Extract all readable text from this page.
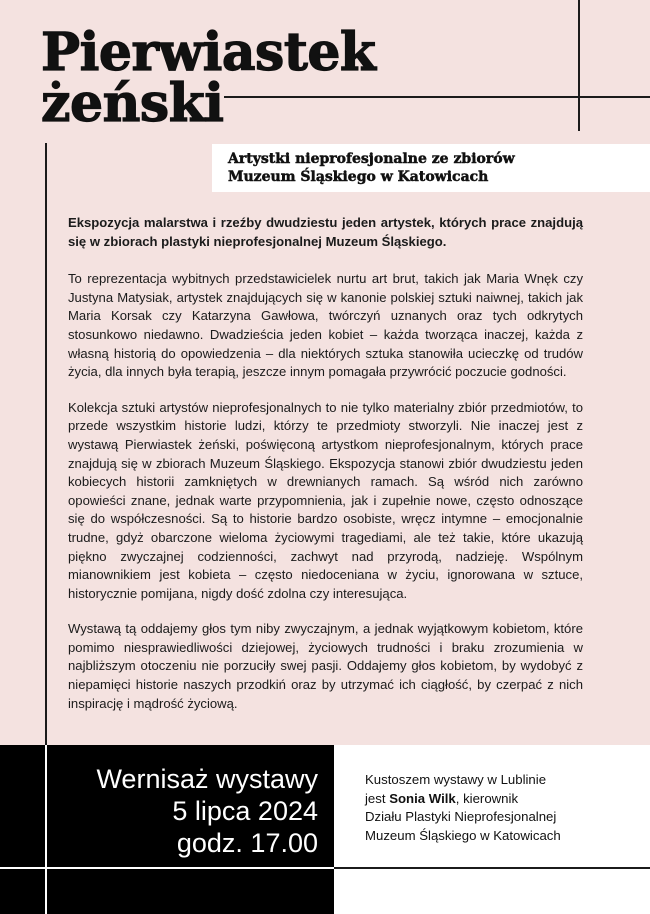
Pierwiastek
żeński

Artystki nieprofesjonalne ze zbiorów
Muzeum Śląskiego w Katowicach

Ekspozycja malarstwa i rzeźby dwudziestu jeden artystek, których prace znajdują się w zbiorach plastyki nieprofesjonalnej Muzeum Śląskiego.

To reprezentacja wybitnych przedstawicielek nurtu art brut, takich jak Maria Wnęk czy Justyna Matysiak, artystek znajdujących się w kanonie polskiej sztuki naiwnej, takich jak Maria Korsak czy Katarzyna Gawłowa, twórczyń uznanych oraz tych odkrytych stosunkowo niedawno. Dwadzieścia jeden kobiet – każda tworząca inaczej, każda z własną historią do opowiedzenia – dla niektórych sztuka stanowiła ucieczkę od trudów życia, dla innych była terapią, jeszcze innym pomagała przywrócić poczucie godności.

Kolekcja sztuki artystów nieprofesjonalnych to nie tylko materialny zbiór przedmiotów, to przede wszystkim historie ludzi, którzy te przedmioty stworzyli. Nie inaczej jest z wystawą Pierwiastek żeński, poświęconą artystkom nieprofesjonalnym, których prace znajdują się w zbiorach Muzeum Śląskiego. Ekspozycja stanowi zbiór dwudziestu jeden kobiecych historii zamkniętych w drewnianych ramach. Są wśród nich zarówno opowieści znane, jednak warte przypomnienia, jak i zupełnie nowe, często odnoszące się do współczesności. Są to historie bardzo osobiste, wręcz intymne – emocjonalnie trudne, gdyż obarczone wieloma życiowymi tragediami, ale też takie, które ukazują piękno zwyczajnej codzienności, zachwyt nad przyrodą, nadzieję. Wspólnym mianownikiem jest kobieta – często niedoceniana w życiu, ignorowana w sztuce, historycznie pomijana, nigdy dość zdolna czy interesująca.

Wystawą tą oddajemy głos tym niby zwyczajnym, a jednak wyjątkowym kobietom, które pomimo niesprawiedliwości dziejowej, życiowych trudności i braku zrozumienia w najbliższym otoczeniu nie porzuciły swej pasji. Oddajemy głos kobietom, by wydobyć z niepamięci historie naszych przodkiń oraz by utrzymać ich ciągłość, by czerpać z nich inspirację i mądrość życiową.

Wernisaż wystawy
5 lipca 2024
godz. 17.00

Kustoszem wystawy w Lublinie
jest Sonia Wilk, kierownik
Działu Plastyki Nieprofesjonalnej
Muzeum Śląskiego w Katowicach
